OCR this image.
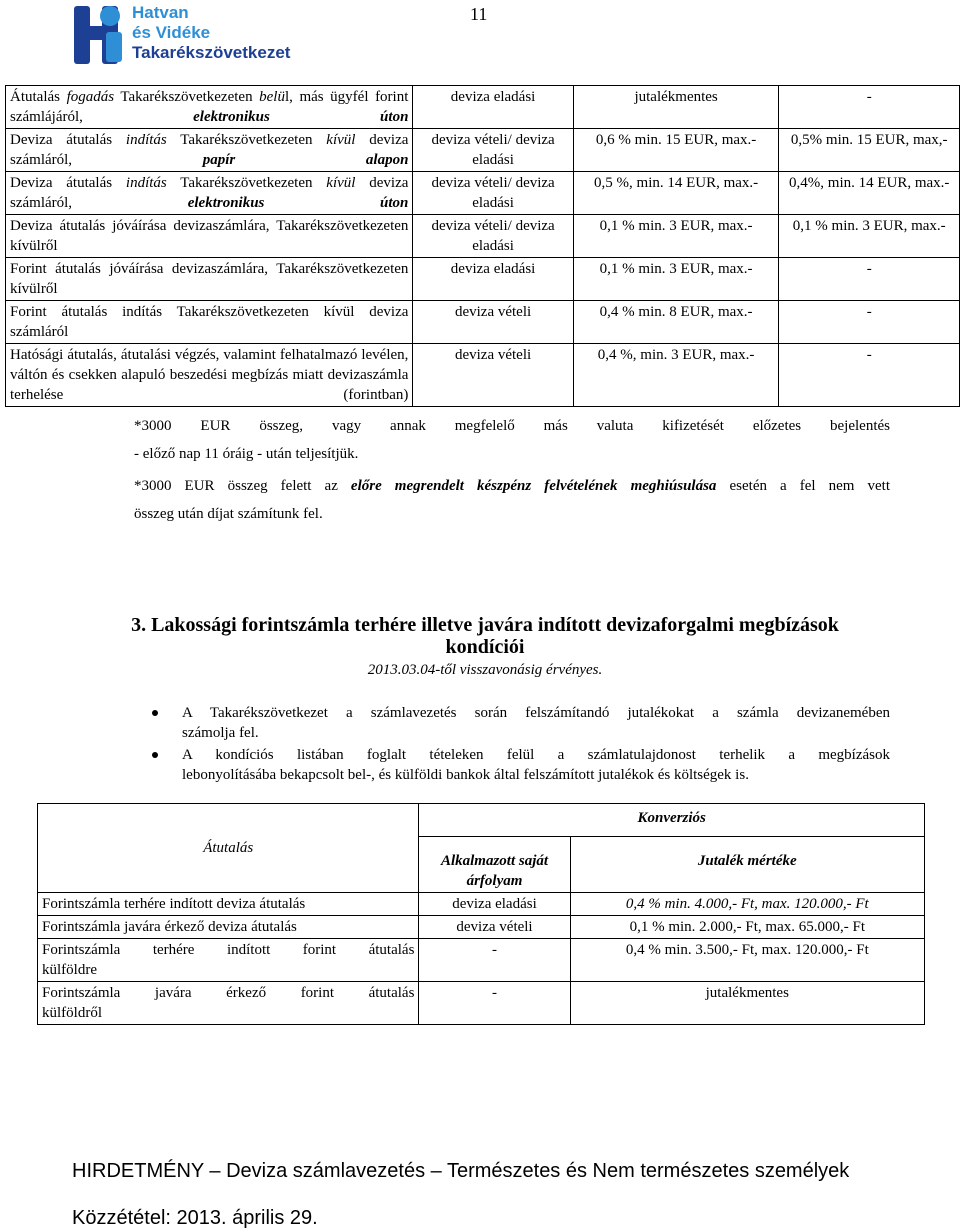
Hatvan
és Vidéke
Takarékszövetkezet
11
Átutalás fogadás Takarékszövetkezeten belül, más ügyfél forint számlájáról, elektronikus úton	deviza eladási	jutalékmentes	-
Deviza átutalás indítás Takarékszövetkezeten kívül deviza számláról, papír alapon	deviza vételi/ deviza eladási	0,6 % min. 15 EUR, max.-	0,5% min. 15 EUR, max,-
Deviza átutalás indítás Takarékszövetkezeten kívül deviza számláról, elektronikus úton	deviza vételi/ deviza eladási	0,5 %, min. 14 EUR, max.-	0,4%, min. 14 EUR, max.-
Deviza átutalás jóváírása devizaszámlára, Takarékszövetkezeten kívülről	deviza vételi/ deviza eladási	0,1 % min. 3 EUR, max.-	0,1 % min. 3 EUR, max.-
Forint átutalás jóváírása devizaszámlára, Takarékszövetkezeten kívülről	deviza eladási	0,1 % min. 3 EUR, max.-	-
Forint átutalás indítás Takarékszövetkezeten kívül deviza számláról	deviza vételi	0,4 % min. 8 EUR, max.-	-
Hatósági átutalás, átutalási végzés, valamint felhatalmazó levélen, váltón és csekken alapuló beszedési megbízás miatt devizaszámla terhelése (forintban)	deviza vételi	0,4 %, min. 3 EUR, max.-	-
*3000 EUR összeg, vagy annak megfelelő más valuta kifizetését előzetes bejelentés
- előző nap 11 óráig - után teljesítjük.
*3000 EUR összeg felett az előre megrendelt készpénz felvételének meghiúsulása esetén a fel nem vett
összeg után díjat számítunk fel.
3. Lakossági forintszámla terhére illetve javára indított devizaforgalmi megbízások kondíciói
2013.03.04-től visszavonásig érvényes.
A Takarékszövetkezet a számlavezetés során felszámítandó jutalékokat a számla devizanemében
számolja fel.
A kondíciós listában foglalt tételeken felül a számlatulajdonost terhelik a megbízások
lebonyolításába bekapcsolt bel-, és külföldi bankok által felszámított jutalékok és költségek is.
Átutalás	Konverziós	
	Alkalmazott saját árfolyam	Jutalék mértéke
Forintszámla terhére indított deviza átutalás	deviza eladási	0,4 % min. 4.000,- Ft, max. 120.000,- Ft
Forintszámla javára érkező deviza átutalás	deviza vételi	0,1 % min. 2.000,- Ft, max. 65.000,- Ft

Forintszámla terhére indított forint átutalás
külföldre	-	0,4 % min. 3.500,- Ft, max. 120.000,- Ft

Forintszámla javára érkező forint átutalás
külföldről	-	jutalékmentes
HIRDETMÉNY – Deviza számlavezetés – Természetes és Nem természetes személyek
Közzététel: 2013. április 29.
